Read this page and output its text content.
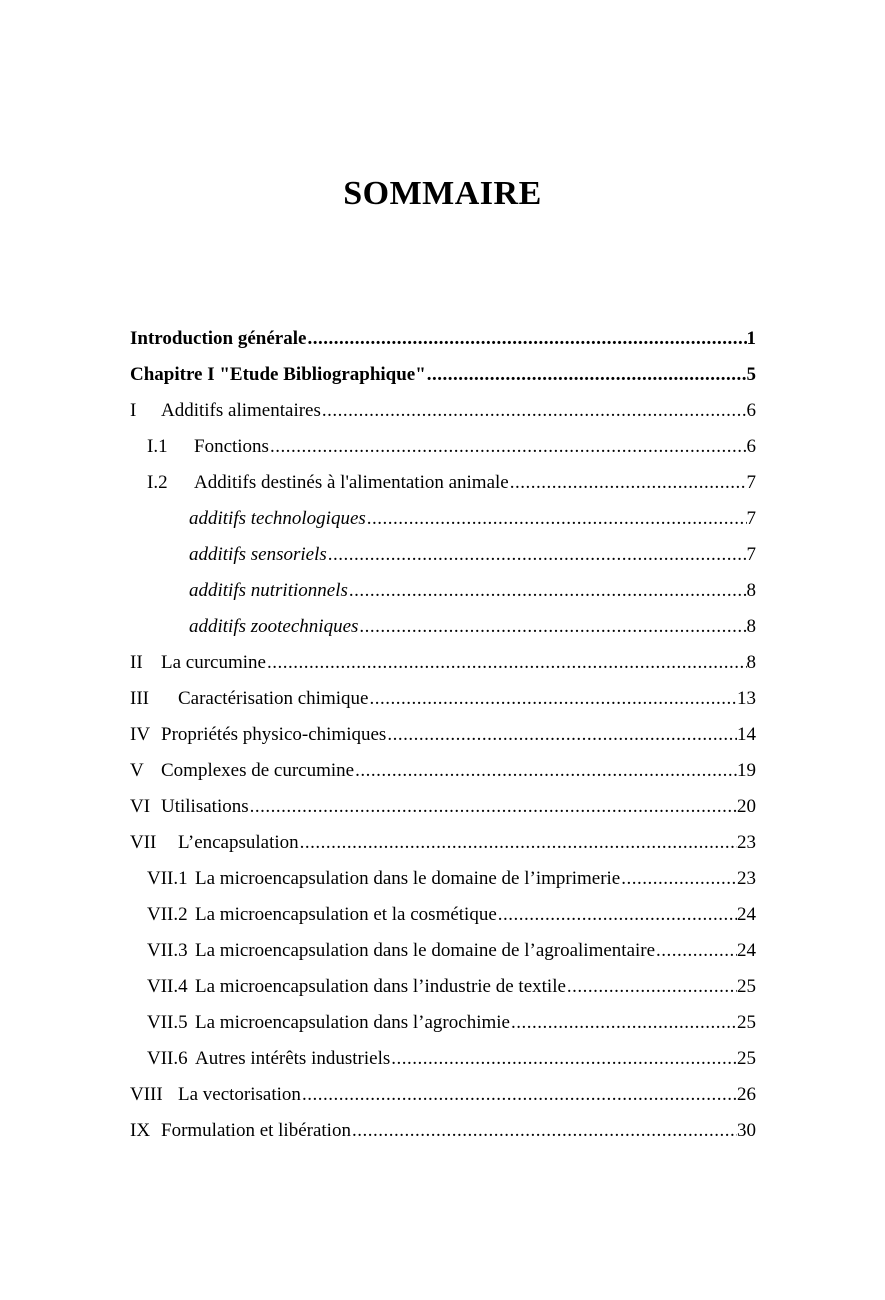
SOMMAIRE
Introduction générale .....	1
Chapitre I "Etude Bibliographique" .....	5
I	Additifs alimentaires .....	6
I.1	Fonctions .....	6
I.2	Additifs destinés à l'alimentation animale .....	7
additifs technologiques .....	7
additifs sensoriels .....	7
additifs nutritionnels .....	8
additifs zootechniques .....	8
II La curcumine .....	8
III	Caractérisation chimique .....	13
IV Propriétés physico-chimiques .....	14
V Complexes de curcumine .....	19
VI Utilisations .....	20
VII	L’encapsulation .....	23
VII.1 La microencapsulation dans le domaine de l’imprimerie .....	23
VII.2 La microencapsulation et la cosmétique .....	24
VII.3 La microencapsulation dans le domaine de l’agroalimentaire .....	24
VII.4 La microencapsulation dans l’industrie de textile .....	25
VII.5 La microencapsulation dans l’agrochimie .....	25
VII.6 Autres intérêts industriels .....	25
VIII La vectorisation .....	26
IX Formulation et libération .....	30
